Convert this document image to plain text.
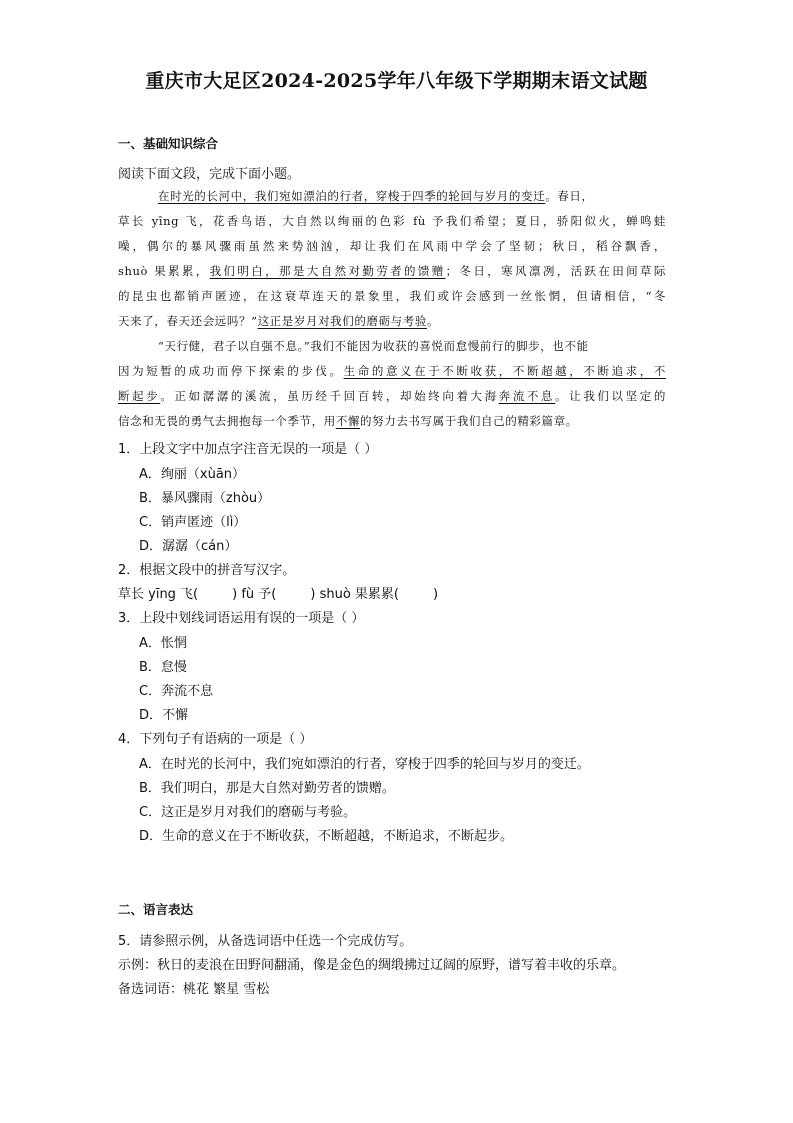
重庆市大足区2024-2025学年八年级下学期期末语文试题
一、基础知识综合
阅读下面文段，完成下面小题。
在时光的长河中，我们宛如漂泊的行者，穿梭于四季的轮回与岁月的变迁。春日，
草长 yīng 飞，花香鸟语，大自然以绚丽的色彩 fù 予我们希望；夏日，骄阳似火，蝉鸣蛙
噪，偶尔的暴风骤雨虽然来势汹汹，却让我们在风雨中学会了坚韧；秋日，稻谷飘香，
shuò 果累累，我们明白，那是大自然对勤劳者的馈赠；冬日，寒风凛冽，活跃在田间草际
的昆虫也都销声匿迹，在这衰草连天的景象里，我们或许会感到一丝怅惘，但请相信，“冬
天来了，春天还会远吗？”这正是岁月对我们的磨砺与考验。
“天行健，君子以自强不息。”我们不能因为收获的喜悦而怠慢前行的脚步，也不能
因为短暂的成功而停下探索的步伐。生命的意义在于不断收获，不断超越，不断追求，不
断起步。正如潺潺的溪流，虽历经千回百转，却始终向着大海奔流不息。让我们以坚定的
信念和无畏的勇气去拥抱每一个季节，用不懈的努力去书写属于我们自己的精彩篇章。
1．上段文字中加点字注音无误的一项是（ ）
A．绚丽（xùān）
B．暴风骤雨（zhòu）
C．销声匿迹（lì）
D．潺潺（cán）
2．根据文段中的拼音写汉字。
草长 yīng 飞(	) fù 予(	) shuò 果累累(	)
3．上段中划线词语运用有误的一项是（ ）
A．怅惘
B．怠慢
C．奔流不息
D．不懈
4．下列句子有语病的一项是（ ）
A．在时光的长河中，我们宛如漂泊的行者，穿梭于四季的轮回与岁月的变迁。
B．我们明白，那是大自然对勤劳者的馈赠。
C．这正是岁月对我们的磨砺与考验。
D．生命的意义在于不断收获，不断超越，不断追求，不断起步。
二、语言表达
5．请参照示例，从备选词语中任选一个完成仿写。
示例：秋日的麦浪在田野间翻涌，像是金色的绸缎拂过辽阔的原野，谱写着丰收的乐章。
备选词语：桃花 繁星 雪松
